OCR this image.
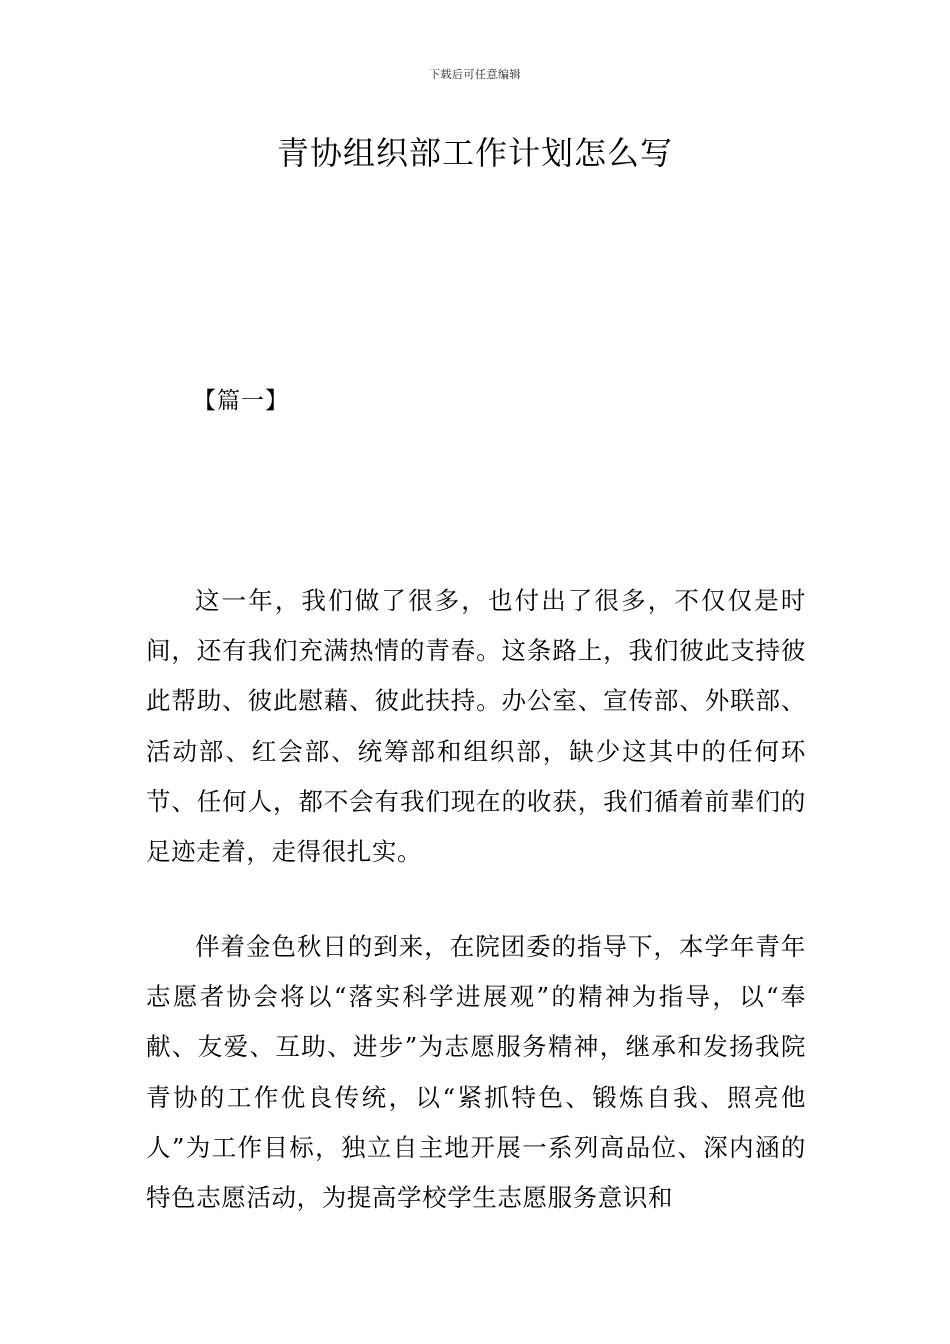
下载后可任意编辑
青协组织部工作计划怎么写
【篇一】

这一年，我们做了很多，也付出了很多，不仅仅是时间，还有我们充满热情的青春。这条路上，我们彼此支持彼此帮助、彼此慰藉、彼此扶持。办公室、宣传部、外联部、活动部、红会部、统筹部和组织部，缺少这其中的任何环节、任何人，都不会有我们现在的收获，我们循着前辈们的足迹走着，走得很扎实。

伴着金色秋日的到来，在院团委的指导下，本学年青年志愿者协会将以“落实科学进展观”的精神为指导，以“奉献、友爱、互助、进步”为志愿服务精神，继承和发扬我院青协的工作优良传统，以“紧抓特色、锻炼自我、照亮他人”为工作目标，独立自主地开展一系列高品位、深内涵的特色志愿活动，为提高学校学生志愿服务意识和
